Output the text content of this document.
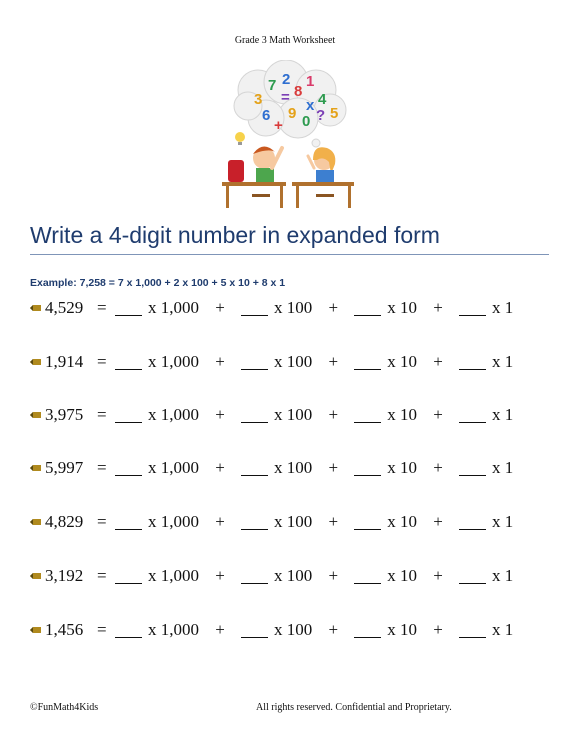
Grade 3 Math Worksheet
3
7 2
8
1
= 4
6
+
9 ?
0 5
x
Write a 4-digit number in expanded form
Example: 7,258 = 7 x 1,000 + 2 x 100 + 5 x 10 + 8 x 1
4,529 =	x 1,000 +	x 100 +	x 10 +	x 1
1,914 =	x 1,000 +	x 100 +	x 10 +	x 1
3,975 =	x 1,000 +	x 100 +	x 10 +	x 1
5,997 =	x 1,000 +	x 100 +	x 10 +	x 1
4,829 =	x 1,000 +	x 100 +	x 10 +	x 1
3,192 =	x 1,000 +	x 100 +	x 10 +	x 1
1,456 =	x 1,000 +	x 100 +	x 10 +	x 1
©FunMath4Kids	All rights reserved. Confidential and Proprietary.
